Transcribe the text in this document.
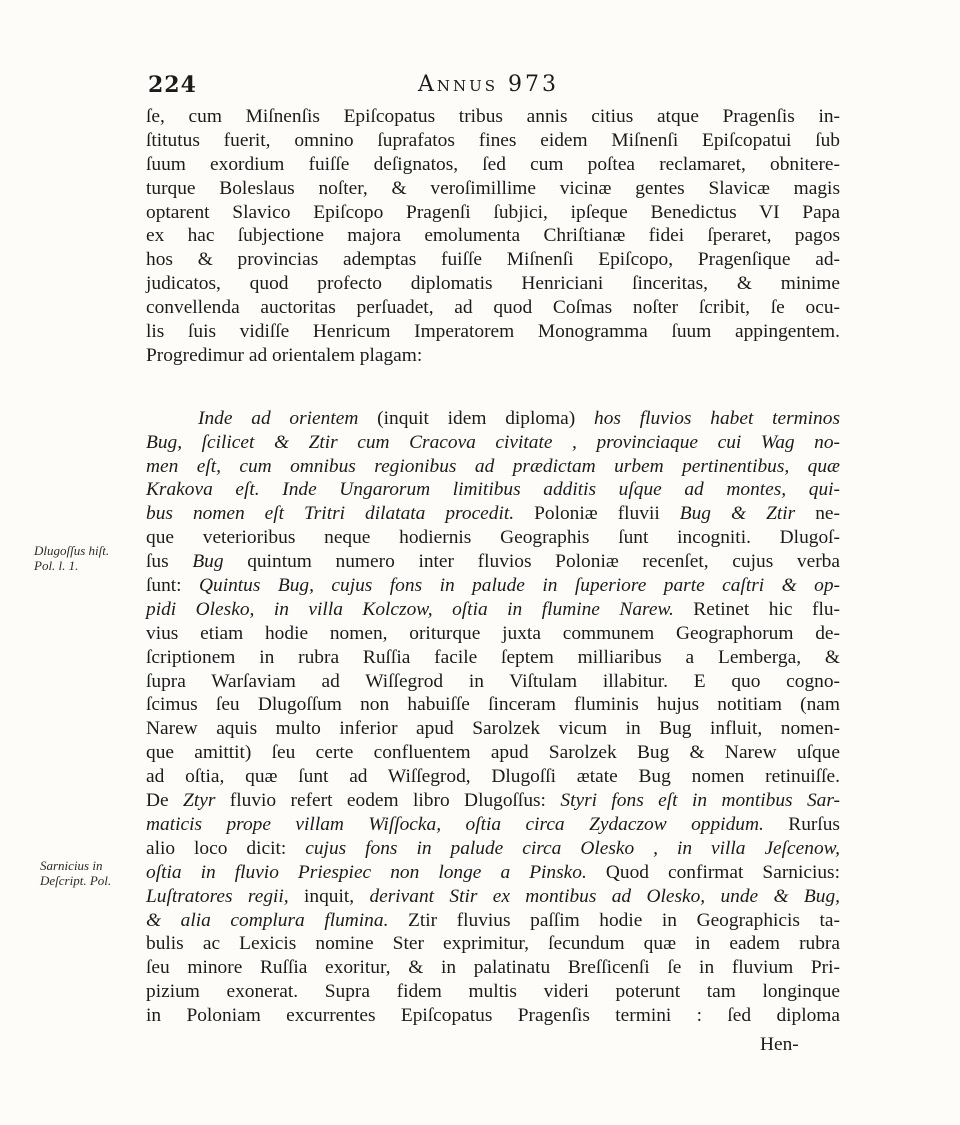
224	Annus 973
ſe, cum Miſnenſis Epiſcopatus tribus annis citius atque Pragenſis in-
ſtitutus fuerit, omnino ſuprafatos fines eidem Miſnenſi Epiſcopatui ſub
ſuum exordium fuiſſe deſignatos, ſed cum poſtea reclamaret, obnitere-
turque Boleslaus noſter, & veroſimillime vicinæ gentes Slavicæ magis
optarent Slavico Epiſcopo Pragenſi ſubjici, ipſeque Benedictus VI Papa
ex hac ſubjectione majora emolumenta Chriſtianæ fidei ſperaret, pagos
hos & provincias ademptas fuiſſe Miſnenſi Epiſcopo, Pragenſique ad-
judicatos, quod profecto diplomatis Henriciani ſinceritas, & minime
convellenda auctoritas perſuadet, ad quod Coſmas noſter ſcribit, ſe ocu-
lis ſuis vidiſſe Henricum Imperatorem Monogramma ſuum appingentem.
Progredimur ad orientalem plagam:
Inde ad orientem (inquit idem diploma) hos fluvios habet terminos
Bug, ſcilicet & Ztir cum Cracova civitate , provinciaque cui Wag no-
men eſt, cum omnibus regionibus ad prædictam urbem pertinentibus, quæ
Krakova eſt. Inde Ungarorum limitibus additis uſque ad montes, qui-
bus nomen eſt Tritri dilatata procedit. Poloniæ fluvii Bug & Ztir ne-
que veterioribus neque hodiernis Geographis ſunt incogniti. Dlugoſ-
ſus Bug quintum numero inter fluvios Poloniæ recenſet, cujus verba
ſunt: Quintus Bug, cujus fons in palude in ſuperiore parte caſtri & op-
pidi Olesko, in villa Kolczow, oſtia in flumine Narew. Retinet hic flu-
vius etiam hodie nomen, oriturque juxta communem Geographorum de-
ſcriptionem in rubra Ruſſia facile ſeptem milliaribus a Lemberga, &
ſupra Warſaviam ad Wiſſegrod in Viſtulam illabitur. E quo cogno-
ſcimus ſeu Dlugoſſum non habuiſſe ſinceram fluminis hujus notitiam (nam
Narew aquis multo inferior apud Sarolzek vicum in Bug influit, nomen-
que amittit) ſeu certe confluentem apud Sarolzek Bug & Narew uſque
ad oſtia, quæ ſunt ad Wiſſegrod, Dlugoſſi ætate Bug nomen retinuiſſe.
De Ztyr fluvio refert eodem libro Dlugoſſus: Styri fons eſt in montibus Sar-
maticis prope villam Wiſſocka, oſtia circa Zydaczow oppidum. Rurſus
alio loco dicit: cujus fons in palude circa Olesko , in villa Jeſcenow,
oſtia in fluvio Priespiec non longe a Pinsko. Quod confirmat Sarnicius:
Luſtratores regii, inquit, derivant Stir ex montibus ad Olesko, unde & Bug,
& alia complura flumina. Ztir fluvius paſſim hodie in Geographicis ta-
bulis ac Lexicis nomine Ster exprimitur, ſecundum quæ in eadem rubra
ſeu minore Ruſſia exoritur, & in palatinatu Breſſicenſi ſe in fluvium Pri-
pizium exonerat. Supra fidem multis videri poterunt tam longinque
in Poloniam excurrentes Epiſcopatus Pragenſis termini : ſed diploma
Dlugoſſus hiſt.
Pol. l. 1.
Sarnicius in
Deſcript. Pol.
Hen-
